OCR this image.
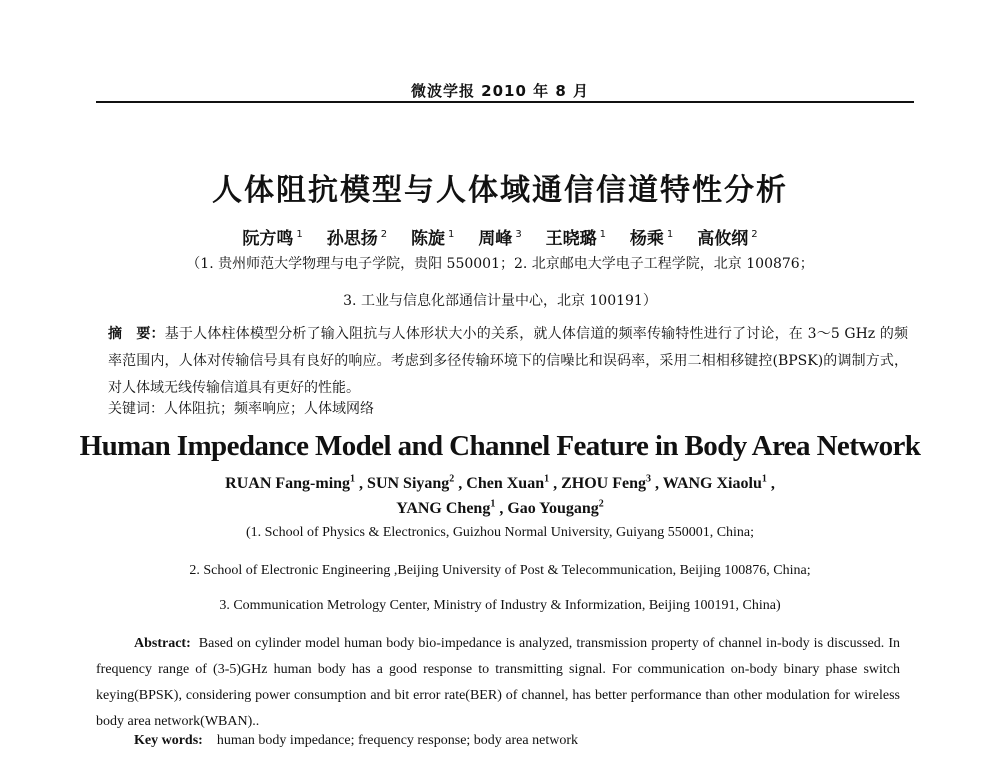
微波学报 2010 年 8 月
人体阻抗模型与人体域通信信道特性分析
阮方鸣 $^1$ 孙思扬 $^2$ 陈旋 $^1$ 周峰 $^3$ 王晓璐 $^1$ 杨乘 $^1$ 高攸纲 $^2$
（1. 贵州师范大学物理与电子学院，贵阳 550001；2. 北京邮电大学电子工程学院，北京 100876；
3. 工业与信息化部通信计量中心，北京 100191）
摘　要：基于人体柱体模型分析了输入阻抗与人体形状大小的关系，就人体信道的频率传输特性进行了讨论，在 3～5 GHz 的频率范围内，人体对传输信号具有良好的响应。考虑到多径传输环境下的信噪比和误码率，采用二相相移键控(BPSK)的调制方式，对人体域无线传输信道具有更好的性能。
关键词：人体阻抗；频率响应；人体域网络
Human Impedance Model and Channel Feature in Body Area Network
RUAN Fang-ming$^1$ , SUN Siyang$^2$ , Chen Xuan$^1$ , ZHOU Feng$^3$ , WANG Xiaolu$^1$ ,
YANG Cheng$^1$ , Gao Yougang$^2$
(1. School of Physics & Electronics, Guizhou Normal University, Guiyang 550001, China;
2. School of Electronic Engineering ,Beijing University of Post & Telecommunication, Beijing 100876, China;
3. Communication Metrology Center, Ministry of Industry & Informization, Beijing 100191, China)
Abstract: Based on cylinder model human body bio-impedance is analyzed, transmission property of channel in-body is discussed. In frequency range of (3-5)GHz human body has a good response to transmitting signal. For communication on-body binary phase switch keying(BPSK), considering power consumption and bit error rate(BER) of channel, has better performance than other modulation for wireless body area network(WBAN)..
Key words: human body impedance; frequency response; body area network
